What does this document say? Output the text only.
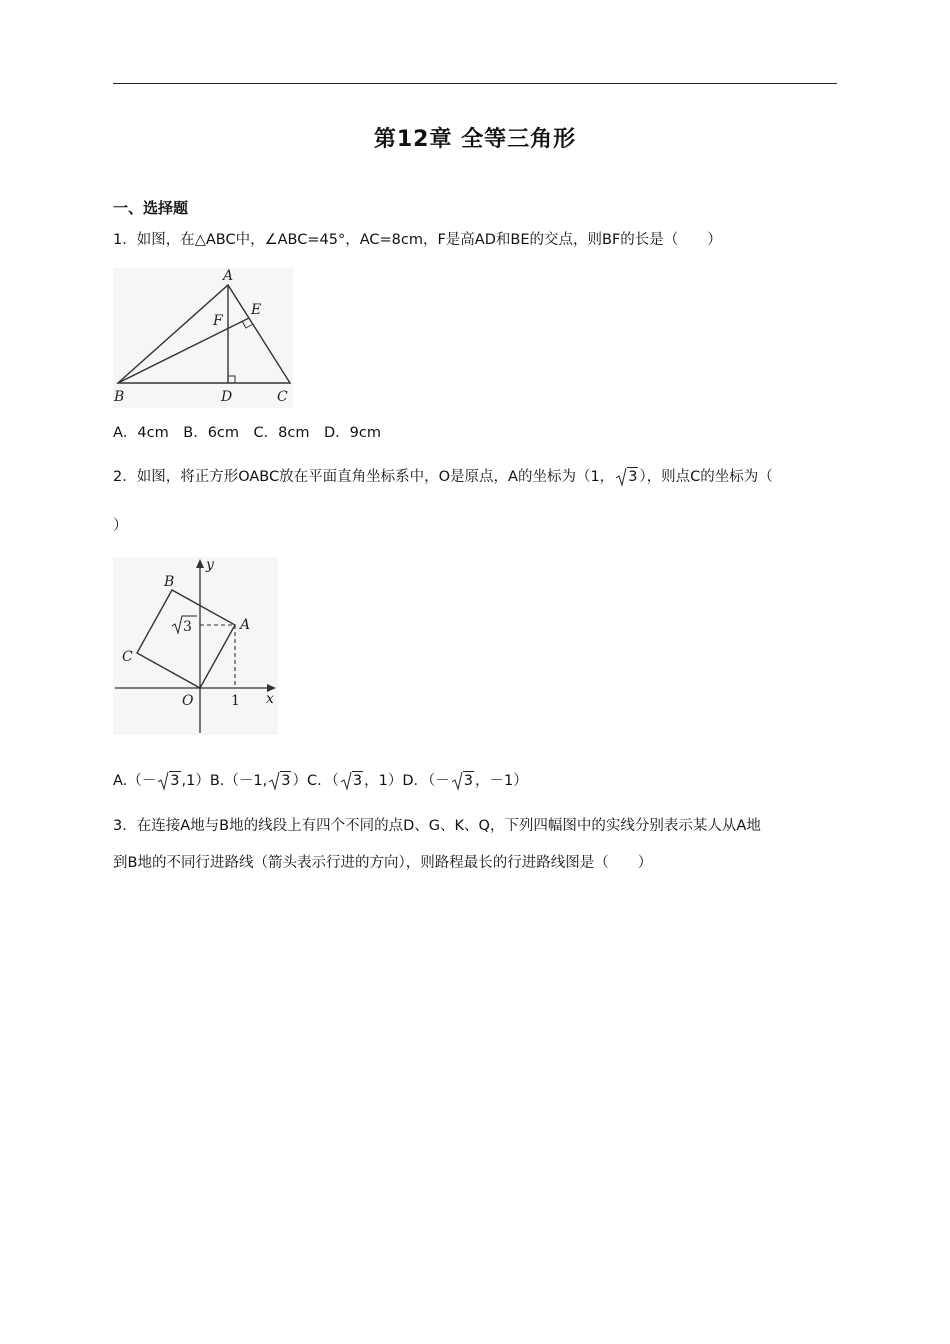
第12章 全等三角形
一、选择题
1．如图，在△ABC中，∠ABC=45°，AC=8cm，F是高AD和BE的交点，则BF的长是（　　）
A
B	C
D
E
F
A．4cm　B．6cm　C．8cm　D．9cm
2．如图，将正方形OABC放在平面直角坐标系中，O是原点，A的坐标为（1， 3 ），则点C的坐标为（
）
B
A
C
O
y
x
1
3
A.（－ 3 ,1）B.（－1, 3 ）C．（ 3 ，1）D．（－ 3 ，－1）
3．在连接A地与B地的线段上有四个不同的点D、G、K、Q，下列四幅图中的实线分别表示某人从A地
到B地的不同行进路线（箭头表示行进的方向），则路程最长的行进路线图是（　　）
